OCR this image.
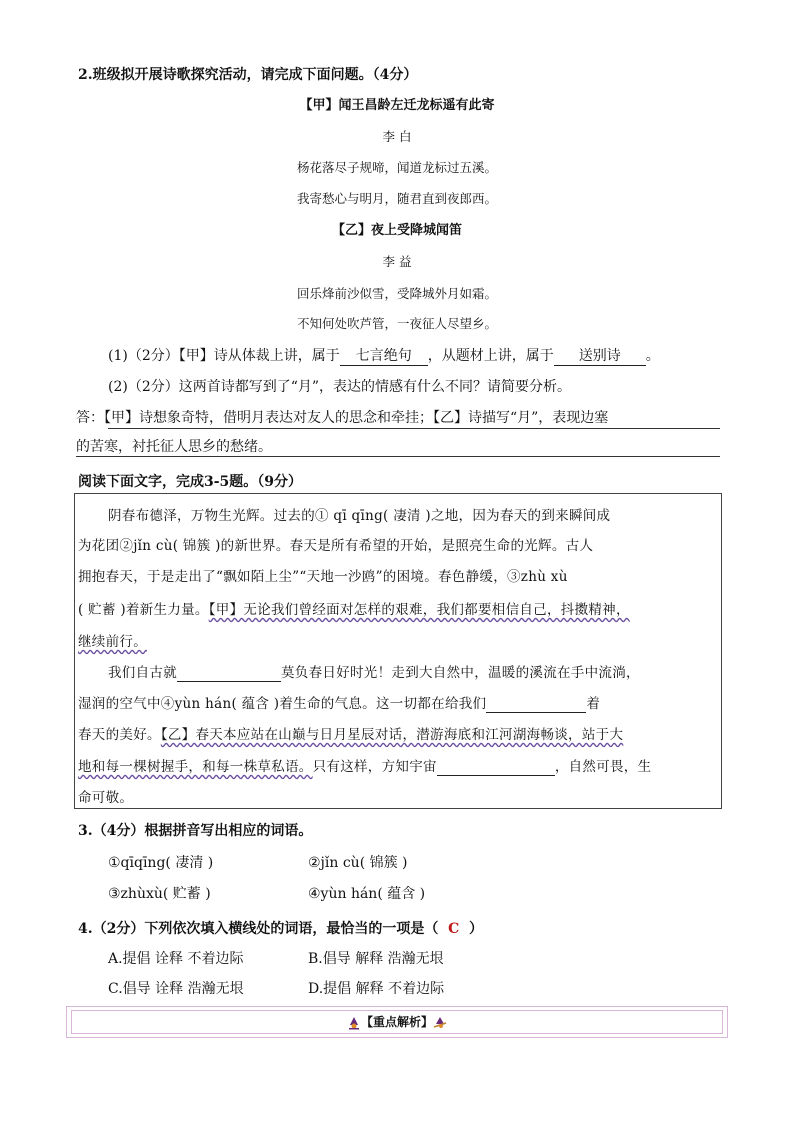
2.班级拟开展诗歌探究活动，请完成下面问题。（4分）
【甲】闻王昌龄左迁龙标遥有此寄
李 白
杨花落尽子规啼，闻道龙标过五溪。
我寄愁心与明月，随君直到夜郎西。
【乙】夜上受降城闻笛
李 益
回乐烽前沙似雪，受降城外月如霜。
不知何处吹芦管，一夜征人尽望乡。
(1)（2分）【甲】诗从体裁上讲，属于 七言绝句 ，从题材上讲，属于 送别诗 。
(2)（2分）这两首诗都写到了“月”，表达的情感有什么不同？请简要分析。
答：【甲】诗想象奇特，借明月表达对友人的思念和牵挂；【乙】诗描写“月”，表现边塞
的苦寒，衬托征人思乡的愁绪。
阅读下面文字，完成3-5题。（9分）
阴春布德泽，万物生光辉。过去的① qī qīng( 凄清 )之地，因为春天的到来瞬间成
为花团②jǐn cù( 锦簇 )的新世界。春天是所有希望的开始，是照亮生命的光辉。古人
拥抱春天，于是走出了“飘如陌上尘”“天地一沙鸥”的困境。春色静缓，③zhù xù
( 贮蓄 )着新生力量。【甲】无论我们曾经面对怎样的艰难，我们都要相信自己，抖擞精神，
继续前行。
我们自古就	莫负春日好时光！走到大自然中，温暖的溪流在手中流淌，
湿润的空气中④yùn hán( 蕴含 )着生命的气息。这一切都在给我们	着
春天的美好。【乙】春天本应站在山巅与日月星辰对话，潜游海底和江河湖海畅谈，站于大
地和每一棵树握手，和每一株草私语。只有这样，方知宇宙	，自然可畏，生
命可敬。
3.（4分）根据拼音写出相应的词语。
①qīqīng( 凄清 )	②jǐn cù( 锦簇 )
③zhùxù( 贮蓄 )	④yùn hán( 蕴含 )
4.（2分）下列依次填入横线处的词语，最恰当的一项是（ C ）
A.提倡 诠释 不着边际	B.倡导 解释 浩瀚无垠
C.倡导 诠释 浩瀚无垠	D.提倡 解释 不着边际
【重点解析】
